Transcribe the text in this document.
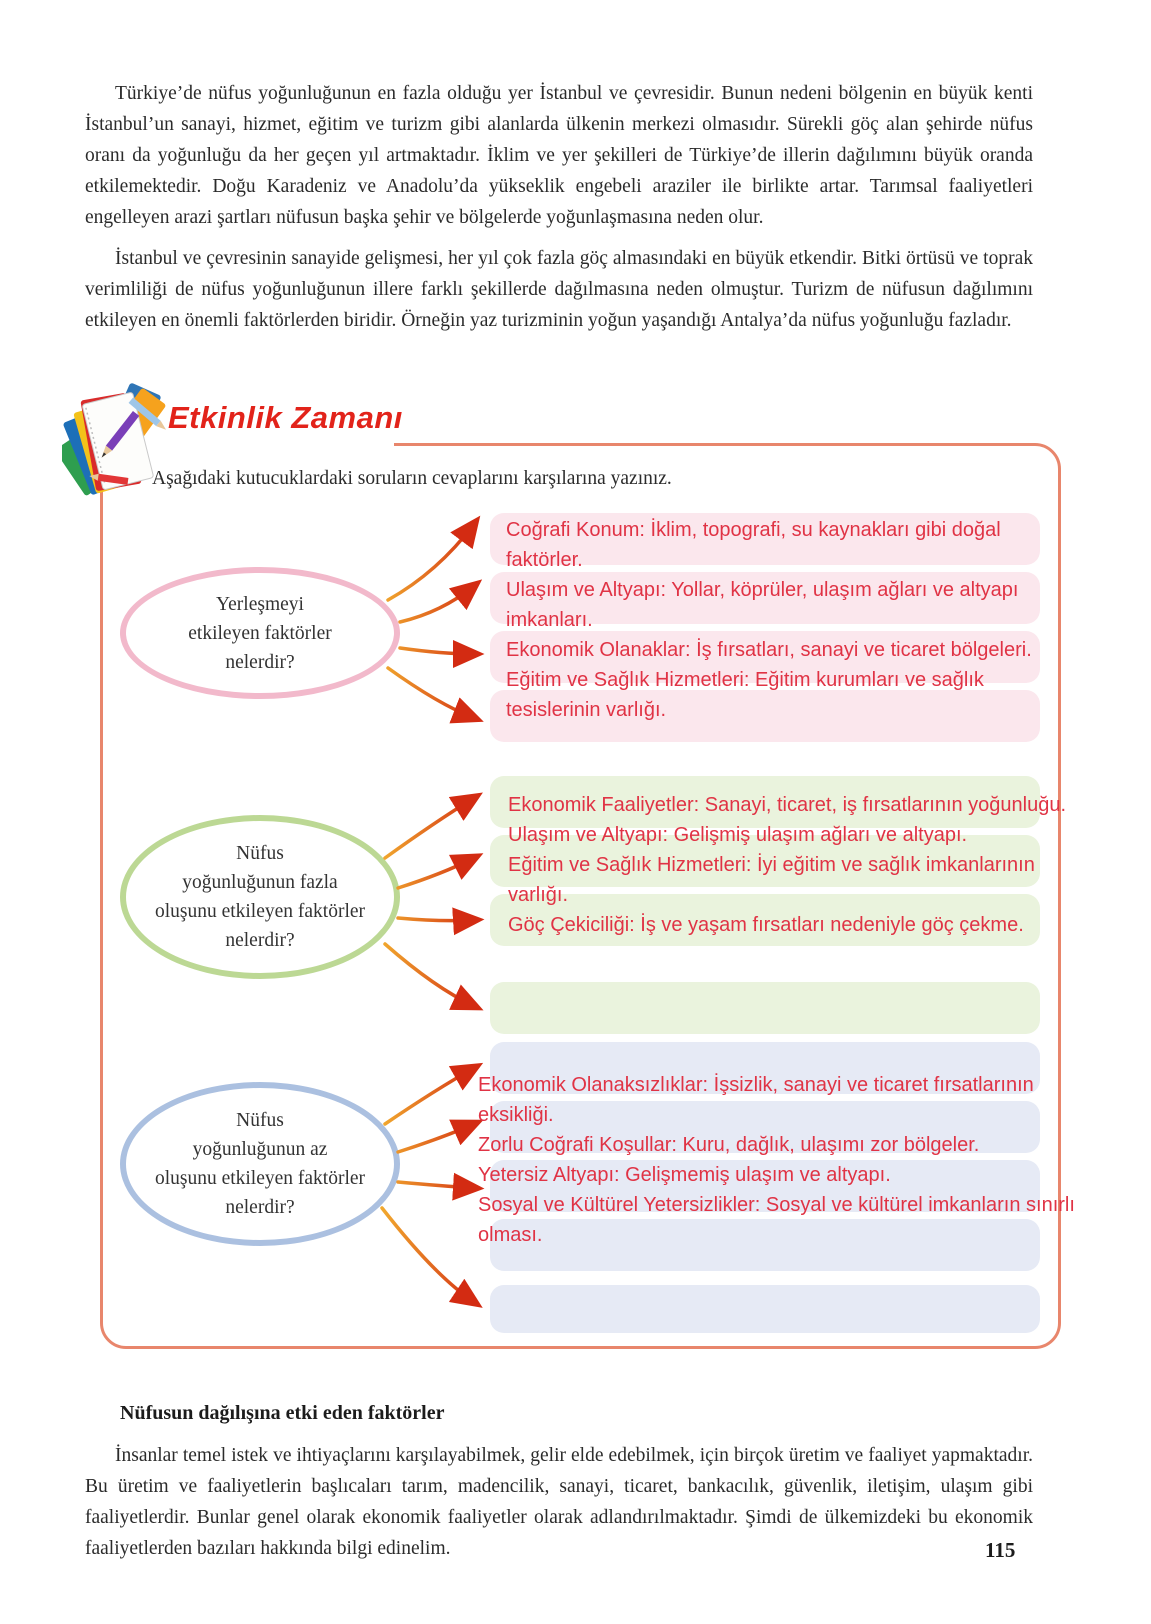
Türkiye’de nüfus yoğunluğunun en fazla olduğu yer İstanbul ve çevresidir. Bunun nedeni bölgenin en büyük kenti İstanbul’un sanayi, hizmet, eğitim ve turizm gibi alanlarda ülkenin merkezi olmasıdır. Sürekli göç alan şehirde nüfus oranı da yoğunluğu da her geçen yıl artmaktadır. İklim ve yer şekilleri de Türkiye’de illerin dağılımını büyük oranda etkilemektedir. Doğu Karadeniz ve Anadolu’da yükseklik engebeli araziler ile birlikte artar. Tarımsal faaliyetleri engelleyen arazi şartları nüfusun başka şehir ve bölgelerde yoğunlaşmasına neden olur.
İstanbul ve çevresinin sanayide gelişmesi, her yıl çok fazla göç almasındaki en büyük etkendir. Bitki örtüsü ve toprak verimliliği de nüfus yoğunluğunun illere farklı şekillerde dağılmasına neden olmuştur. Turizm de nüfusun dağılımını etkileyen en önemli faktörlerden biridir. Örneğin yaz turizminin yoğun yaşandığı Antalya’da nüfus yoğunluğu fazladır.
Etkinlik Zamanı
Aşağıdaki kutucuklardaki soruların cevaplarını karşılarına yazınız.
Yerleşmeyi
etkileyen faktörler
nelerdir?
Coğrafi Konum: İklim, topografi, su kaynakları gibi doğal
faktörler.
Ulaşım ve Altyapı: Yollar, köprüler, ulaşım ağları ve altyapı
imkanları.
Ekonomik Olanaklar: İş fırsatları, sanayi ve ticaret bölgeleri.
Eğitim ve Sağlık Hizmetleri: Eğitim kurumları ve sağlık
tesislerinin varlığı.
Nüfus
yoğunluğunun fazla
oluşunu etkileyen faktörler
nelerdir?
Ekonomik Faaliyetler: Sanayi, ticaret, iş fırsatlarının yoğunluğu.
Ulaşım ve Altyapı: Gelişmiş ulaşım ağları ve altyapı.
Eğitim ve Sağlık Hizmetleri: İyi eğitim ve sağlık imkanlarının
varlığı.
Göç Çekiciliği: İş ve yaşam fırsatları nedeniyle göç çekme.
Nüfus
yoğunluğunun az
oluşunu etkileyen faktörler
nelerdir?
Ekonomik Olanaksızlıklar: İşsizlik, sanayi ve ticaret fırsatlarının
eksikliği.
Zorlu Coğrafi Koşullar: Kuru, dağlık, ulaşımı zor bölgeler.
Yetersiz Altyapı: Gelişmemiş ulaşım ve altyapı.
Sosyal ve Kültürel Yetersizlikler: Sosyal ve kültürel imkanların sınırlı
olması.
Nüfusun dağılışına etki eden faktörler
İnsanlar temel istek ve ihtiyaçlarını karşılayabilmek, gelir elde edebilmek, için birçok üretim ve faaliyet yapmaktadır. Bu üretim ve faaliyetlerin başlıcaları tarım, madencilik, sanayi, ticaret, bankacılık, güvenlik, iletişim, ulaşım gibi faaliyetlerdir. Bunlar genel olarak ekonomik faaliyetler olarak adlandırılmaktadır. Şimdi de ülkemizdeki bu ekonomik faaliyetlerden bazıları hakkında bilgi edinelim.	115
